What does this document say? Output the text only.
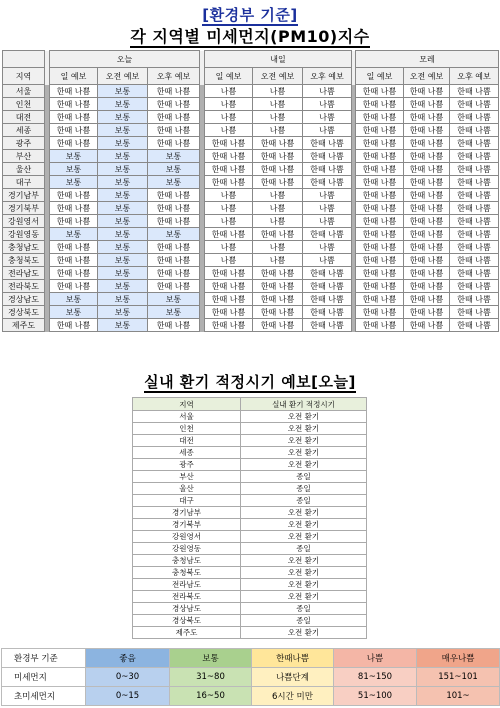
[환경부 기준]
각 지역별 미세먼지(PM10)지수
		오늘				내일				모레		
지역		일 예보	오전 예보	오후 예보		일 예보	오전 예보	오후 예보		일 예보	오전 예보	오후 예보
서울		한때 나쁨	보통	한때 나쁨		나쁨	나쁨	나쁨		한때 나쁨	한때 나쁨	한때 나쁨
인천		한때 나쁨	보통	한때 나쁨		나쁨	나쁨	나쁨		한때 나쁨	한때 나쁨	한때 나쁨
대전		한때 나쁨	보통	한때 나쁨		나쁨	나쁨	나쁨		한때 나쁨	한때 나쁨	한때 나쁨
세종		한때 나쁨	보통	한때 나쁨		나쁨	나쁨	나쁨		한때 나쁨	한때 나쁨	한때 나쁨
광주		한때 나쁨	보통	한때 나쁨		한때 나쁨	한때 나쁨	한때 나쁨		한때 나쁨	한때 나쁨	한때 나쁨
부산		보통	보통	보통		한때 나쁨	한때 나쁨	한때 나쁨		한때 나쁨	한때 나쁨	한때 나쁨
울산		보통	보통	보통		한때 나쁨	한때 나쁨	한때 나쁨		한때 나쁨	한때 나쁨	한때 나쁨
대구		보통	보통	보통		한때 나쁨	한때 나쁨	한때 나쁨		한때 나쁨	한때 나쁨	한때 나쁨
경기남부		한때 나쁨	보통	한때 나쁨		나쁨	나쁨	나쁨		한때 나쁨	한때 나쁨	한때 나쁨
경기북부		한때 나쁨	보통	한때 나쁨		나쁨	나쁨	나쁨		한때 나쁨	한때 나쁨	한때 나쁨
강원영서		한때 나쁨	보통	한때 나쁨		나쁨	나쁨	나쁨		한때 나쁨	한때 나쁨	한때 나쁨
강원영동		보통	보통	보통		한때 나쁨	한때 나쁨	한때 나쁨		한때 나쁨	한때 나쁨	한때 나쁨
충청남도		한때 나쁨	보통	한때 나쁨		나쁨	나쁨	나쁨		한때 나쁨	한때 나쁨	한때 나쁨
충청북도		한때 나쁨	보통	한때 나쁨		나쁨	나쁨	나쁨		한때 나쁨	한때 나쁨	한때 나쁨
전라남도		한때 나쁨	보통	한때 나쁨		한때 나쁨	한때 나쁨	한때 나쁨		한때 나쁨	한때 나쁨	한때 나쁨
전라북도		한때 나쁨	보통	한때 나쁨		한때 나쁨	한때 나쁨	한때 나쁨		한때 나쁨	한때 나쁨	한때 나쁨
경상남도		보통	보통	보통		한때 나쁨	한때 나쁨	한때 나쁨		한때 나쁨	한때 나쁨	한때 나쁨
경상북도		보통	보통	보통		한때 나쁨	한때 나쁨	한때 나쁨		한때 나쁨	한때 나쁨	한때 나쁨
제주도		한때 나쁨	보통	한때 나쁨		한때 나쁨	한때 나쁨	한때 나쁨		한때 나쁨	한때 나쁨	한때 나쁨
실내 환기 적정시기 예보[오늘]
지역	실내 환기 적정시기
서울	오전 환기
인천	오전 환기
대전	오전 환기
세종	오전 환기
광주	오전 환기
부산	종일
울산	종일
대구	종일
경기남부	오전 환기
경기북부	오전 환기
강원영서	오전 환기
강원영동	종일
충청남도	오전 환기
충청북도	오전 환기
전라남도	오전 환기
전라북도	오전 환기
경상남도	종일
경상북도	종일
제주도	오전 환기
환경부 기준	좋음	보통	한때나쁨	나쁨	매우나쁨
미세먼지	0~30	31~80	나쁨단계	81~150	151~101
초미세먼지	0~15	16~50	6시간 미만	51~100	101~
